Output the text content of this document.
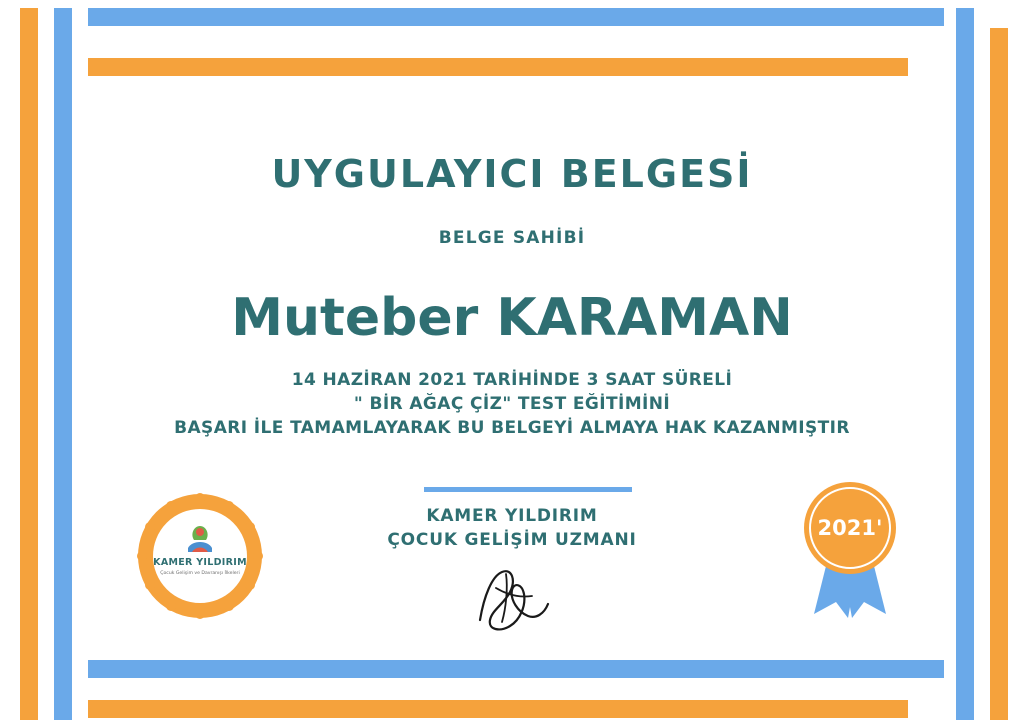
UYGULAYICI BELGESİ
BELGE SAHİBİ
Muteber KARAMAN
14 HAZİRAN 2021 TARİHİNDE 3 SAAT SÜRELİ
" BİR AĞAÇ ÇİZ" TEST EĞİTİMİNİ
BAŞARI İLE TAMAMLAYARAK BU BELGEYİ ALMAYA HAK KAZANMIŞTIR
KAMER YILDIRIM
ÇOCUK GELİŞİM UZMANI
KAMER YILDIRIM
Çocuk Gelişim ve Davranışı İlkeleri
2021'
